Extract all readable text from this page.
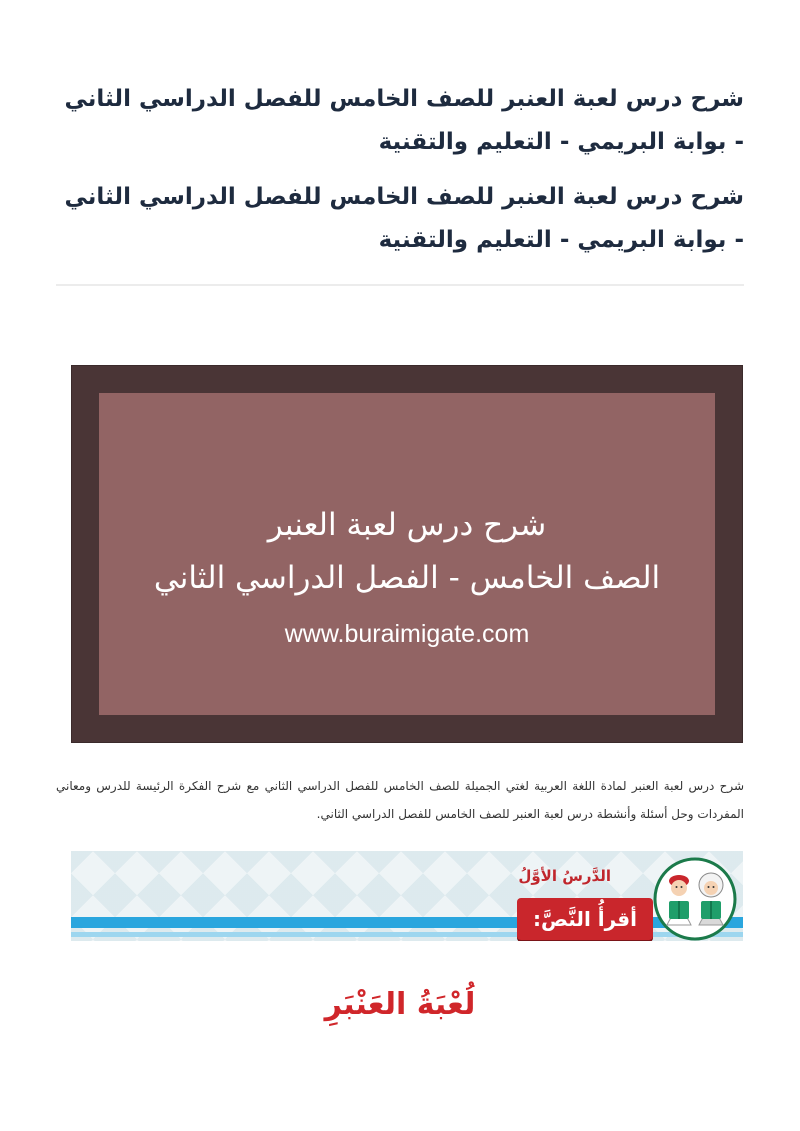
شرح درس لعبة العنبر للصف الخامس للفصل الدراسي الثاني - بوابة البريمي - التعليم والتقنية
شرح درس لعبة العنبر للصف الخامس للفصل الدراسي الثاني - بوابة البريمي - التعليم والتقنية
شرح درس لعبة العنبر
الصف الخامس - الفصل الدراسي الثاني
www.buraimigate.com

شرح درس لعبة العنبر لمادة اللغة العربية لغتي الجميلة للصف الخامس للفصل الدراسي الثاني مع شرح الفكرة الرئيسة للدرس ومعاني المفردات وحل أسئلة وأنشطة درس لعبة العنبر للصف الخامس للفصل الدراسي الثاني.

الدَّرسُ الأوَّلُ
أقرأُ النَّصَّ:
لُعْبَةُ العَنْبَرِ
